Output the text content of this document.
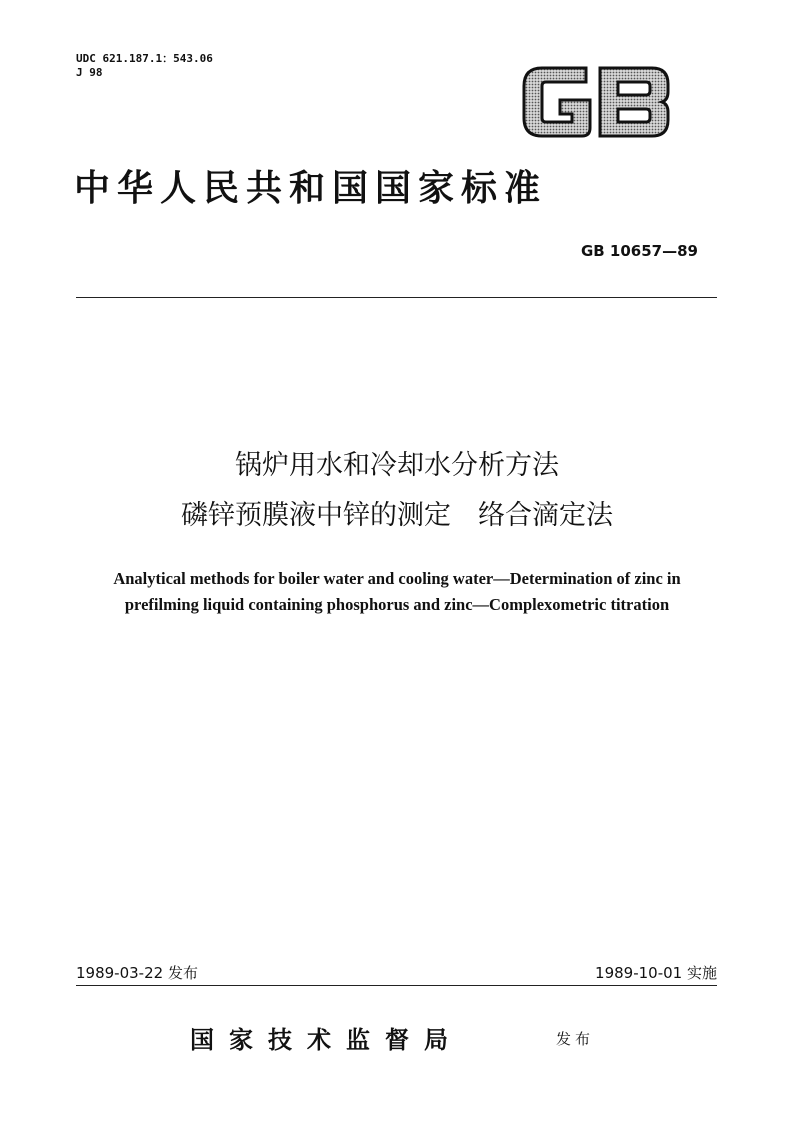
UDC 621.187.1：543.06
J 98
中华人民共和国国家标准
GB 10657—89
锅炉用水和冷却水分析方法
磷锌预膜液中锌的测定　络合滴定法
Analytical methods for boiler water and cooling water—Determination of zinc in
prefilming liquid containing phosphorus and zinc—Complexometric titration
1989-03-22 发布	1989-10-01 实施
国家技术监督局	发布
